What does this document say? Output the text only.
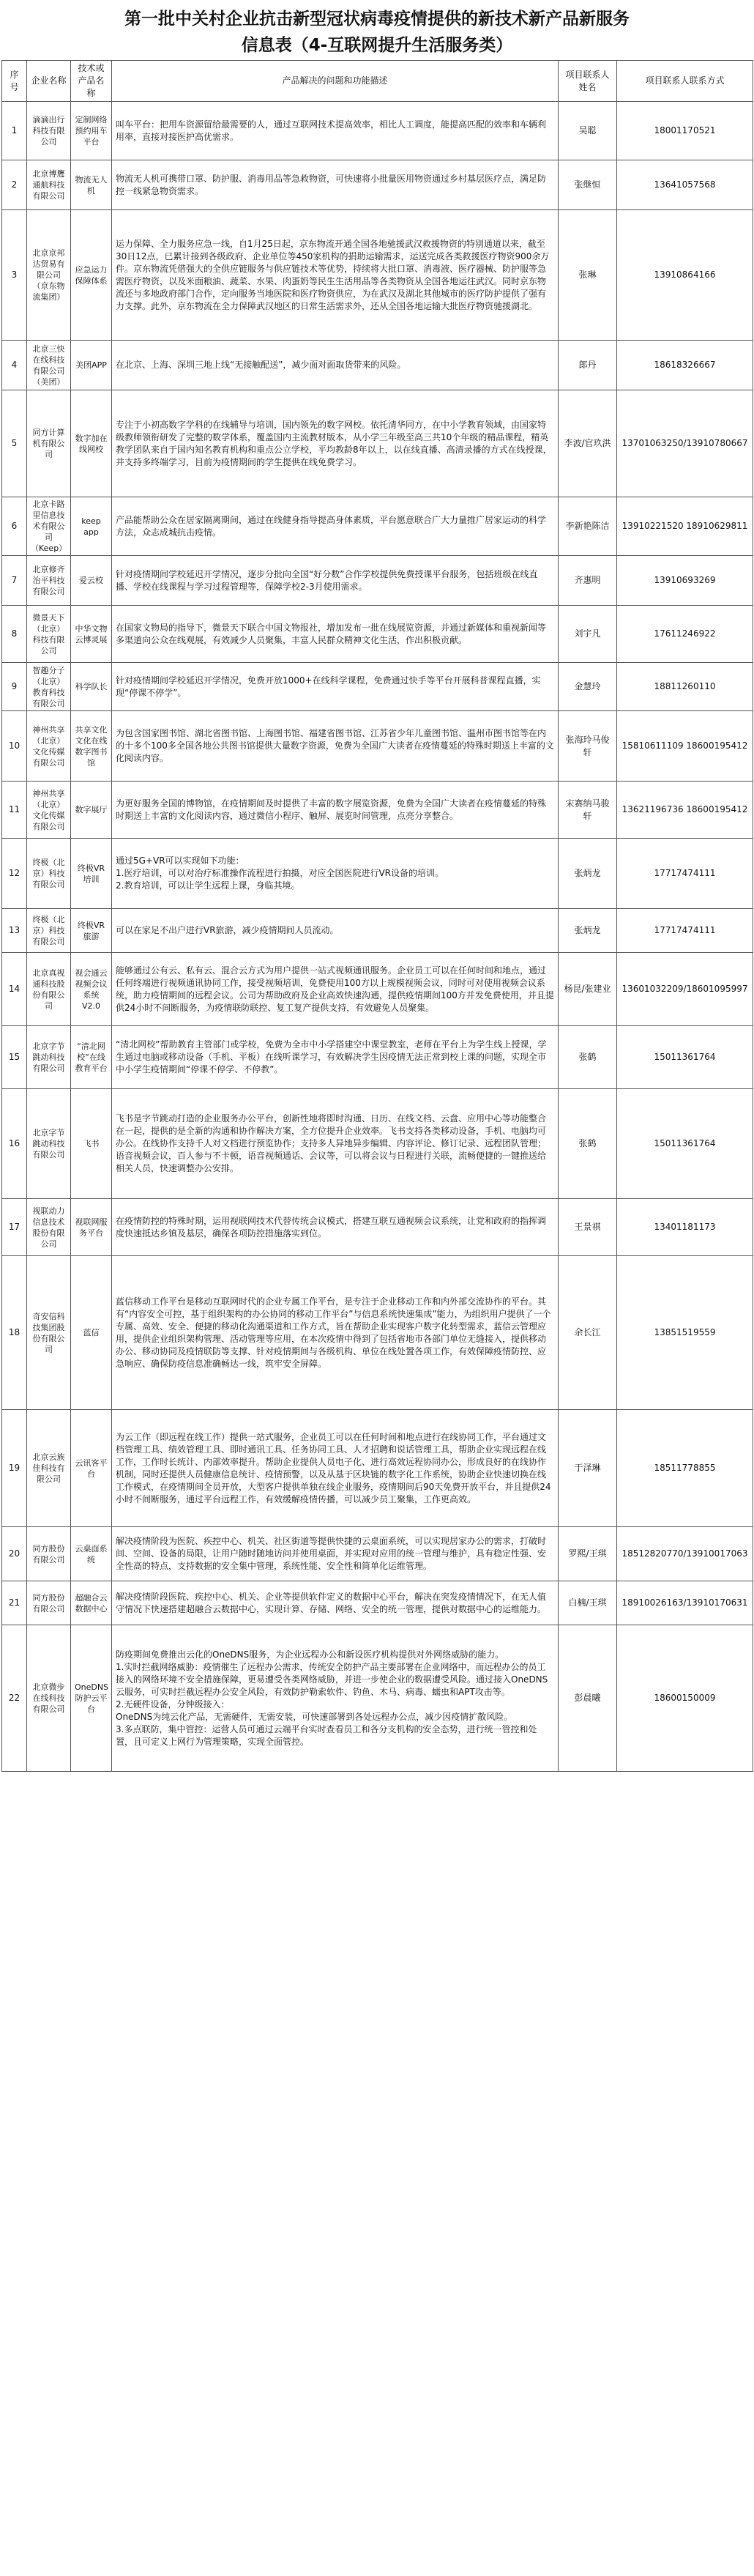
第一批中关村企业抗击新型冠状病毒疫情提供的新技术新产品新服务
信息表（4-互联网提升生活服务类）
序号	企业名称	技术或产品名称	产品解决的问题和功能描述	项目联系人姓名	项目联系人联系方式

1	滴滴出行科技有限公司	定制网络预约用车平台	叫车平台：把用车资源留给最需要的人，通过互联网技术提高效率，相比人工调度，能提高匹配的效率和车辆利用率，直接对接医护高优需求。	吴聪	18001170521

2	北京博鹰通航科技有限公司	物流无人机	物流无人机可携带口罩、防护服、消毒用品等急救物资，可快速将小批量医用物资通过乡村基层医疗点，满足防控一线紧急物资需求。	张继恒	13641057568

3	北京京邦达贸易有限公司（京东物流集团）	应急运力保障体系	运力保障、全力服务应急一线，自1月25日起，京东物流开通全国各地驰援武汉救援物资的特别通道以来，截至30日12点，已累计接到各级政府、企业单位等450家机构的捐助运输需求，运送完成各类救援医疗物资900余万件。京东物流凭借强大的全供应链服务与供应链技术等优势，持续将大批口罩、消毒液、医疗器械、防护服等急需医疗物资，以及米面粮油、蔬菜、水果、肉蛋奶等民生生活用品等各类物资从全国各地运往武汉。同时京东物流还与多地政府部门合作，定向服务当地医院和医疗物资供应，为在武汉及湖北其他城市的医疗防护提供了强有力支撑。此外，京东物流在全力保障武汉地区的日常生活需求外，还从全国各地运输大批医疗物资驰援湖北。	张琳	13910864166

4	北京三快在线科技有限公司（美团）	美团APP	在北京、上海、深圳三地上线“无接触配送”，减少面对面取货带来的风险。	郎丹	18618326667

5	同方计算机有限公司	数字加在线网校	专注于小初高数字学科的在线辅导与培训，国内领先的数字网校。依托清华同方，在中小学教育领域，由国家特级教师领衔研发了完整的数学体系，覆盖国内主流教材版本，从小学三年级至高三共10个年级的精品课程，精英教学团队来自于国内知名教育机构和重点公立学校，平均教龄8年以上，以在线直播、高清录播的方式在线授课，并支持多终端学习，目前为疫情期间的学生提供在线免费学习。	李波/官玖洪	13701063250/13910780667

6	北京卡路里信息技术有限公司（Keep）	keep app	产品能帮助公众在居家隔离期间，通过在线健身指导提高身体素质，平台愿意联合广大力量推广居家运动的科学方法，众志成城抗击疫情。	李新艳陈洁	13910221520 18910629811

7	北京修齐治平科技有限公司	爱云校	针对疫情期间学校延迟开学情况，逐步分批向全国“好分数”合作学校提供免费授课平台服务，包括班级在线直播、学校在线课程与学习过程管理等，保障学校2-3月使用需求。	齐惠明	13910693269

8	微景天下（北京）科技有限公司	中华文物云博灵展	在国家文物局的指导下，微景天下联合中国文物报社，增加发布一批在线展览资源，并通过新媒体和重视新闻等多渠道向公众在线观展，有效减少人员聚集，丰富人民群众精神文化生活，作出积极贡献。	刘宇凡	17611246922

9	智趣分子（北京）教育科技有限公司	科学队长	针对疫情期间学校延迟开学情况，免费开放1000+在线科学课程，免费通过快手等平台开展科普课程直播，实现“停课不停学”。	金慧玲	18811260110

10	神州共享（北京）文化传媒有限公司	共享文化文化在线数字图书馆	为包含国家图书馆、湖北省图书馆、上海图书馆、福建省图书馆、江苏省少年儿童图书馆、温州市图书馆等在内的十多个100多全国各地公共图书馆提供大量数字资源，免费为全国广大读者在疫情蔓延的特殊时期送上丰富的文化阅读内容。	张海玲马俊轩	15810611109 18600195412

11	神州共享（北京）文化传媒有限公司	数字展厅	为更好服务全国的博物馆，在疫情期间及时提供了丰富的数字展览资源，免费为全国广大读者在疫情蔓延的特殊时期送上丰富的文化阅读内容，通过微信小程序、触屏、展览时间管理，点亮分享整合。	宋赛纳马骏轩	13621196736 18600195412

12	终极（北京）科技有限公司	终极VR培训	通过5G+VR可以实现如下功能：
1.医疗培训，可以对治疗标准操作流程进行拍摄，对应全国医院进行VR设备的培训。
2.教育培训，可以让学生远程上课，身临其境。	张炳龙	17717474111

13	终极（北京）科技有限公司	终极VR旅游	可以在家足不出户进行VR旅游，减少疫情期间人员流动。	张炳龙	17717474111

14	北京真视通科技股份有限公司	视会通云视频会议系统V2.0	能够通过公有云、私有云、混合云方式为用户提供一站式视频通讯服务。企业员工可以在任何时间和地点，通过任何终端进行视频通讯协同工作，接受视频培训，免费使用100方以上规模视频会议，同时可对使用视频会议系统，助力疫情期间的远程会议。公司为帮助政府及企业高效快速沟通，提供疫情期间100方并发免费使用，并且提供24小时不间断服务，为疫情联防联控、复工复产提供支持，有效避免人员聚集。	杨昆/张建业	13601032209/18601095997

15	北京字节跳动科技有限公司	“清北网校”在线教育平台	“清北网校”帮助教育主管部门或学校，免费为全市中小学搭建空中课堂教室，老师在平台上为学生线上授课，学生通过电脑或移动设备（手机、平板）在线听课学习，有效解决学生因疫情无法正常到校上课的问题，实现全市中小学生疫情期间“停课不停学、不停教”。	张鹤	15011361764

16	北京字节跳动科技有限公司	飞书	飞书是字节跳动打造的企业服务办公平台，创新性地将即时沟通、日历、在线文档、云盘、应用中心等功能整合在一起，提供的是全新的沟通和协作解决方案，全方位提升企业效率。飞书支持各类移动设备，手机、电脑均可办公。在线协作支持千人对文档进行预览协作；支持多人异地异步编辑、内容评论、修订记录、远程团队管理；语音视频会议，百人参与不卡顿，语音视频通话、会议等，可以将会议与日程进行关联，流畅便捷的一键推送给相关人员，快速调整办公安排。	张鹤	15011361764

17	视联动力信息技术股份有限公司	视联网服务平台	在疫情防控的特殊时期，运用视联网技术代替传统会议模式，搭建互联互通视频会议系统，让党和政府的指挥调度快速抵达乡镇及基层，确保各项防控措施落实到位。	王景祺	13401181173

18	奇安信科技集团股份有限公司	蓝信	蓝信移动工作平台是移动互联网时代的企业专属工作平台，是专注于企业移动工作和内外部交流协作的平台。其有“内容安全可控，基于组织架构的办公协同的移动工作平台”与信息系统快速集成”能力，为组织用户提供了一个专属、高效、安全、便捷的移动化沟通渠道和工作方式，旨在帮助企业实现客户数字化转型需求，蓝信云管理应用，提供企业组织架构管理、活动管理等应用，在本次疫情中得到了包括省地市各部门单位无缝接入，提供移动办公、移动协同及疫情联防等支撑、针对疫情期间与各级机构、单位在线处置各项工作，有效保障疫情防控、应急响应、确保防疫信息准确畅达一线，筑牢安全屏障。	余长江	13851519559

19	北京云族佳科技有限公司	云讯客平台	为云工作（即远程在线工作）提供一站式服务，企业员工可以在任何时间和地点进行在线协同工作，平台通过文档管理工具、绩效管理工具、即时通讯工具、任务协同工具、人才招聘和说话管理工具，帮助企业实现远程在线工作，工作时长统计、内部效率提升。帮助企业提供人员电子化、进行高效远程协同办公，形成良好的在线协作机制，同时还提供人员健康信息统计、疫情预警，以及从基于区块链的数字化工作系统，协助企业快速切换在线工作模式，在疫情期间全员开放，大型客户提供单独在线企业服务，疫情期间后90天免费开放平台，并且提供24小时不间断服务，通过平台远程工作，有效缓解疫情传播，可以减少员工聚集，工作更高效。	于泽琳	18511778855

20	同方股份有限公司	云桌面系统	解决疫情阶段为医院、疾控中心、机关、社区街道等提供快捷的云桌面系统，可以实现居家办公的需求，打破时间、空间、设备的局限，让用户随时随地访问并使用桌面，并实现对应用的统一管理与维护，具有稳定性强、安全性高的特点，支持数据的安全集中管理，系统性能、安全性和简单化运维管理。	罗熙/王琪	18512820770/13910017063

21	同方股份有限公司	超融合云数据中心	解决疫情阶段医院、疾控中心、机关、企业等提供软件定义的数据中心平台，解决在突发疫情情况下，在无人值守情况下快速搭建超融合云数据中心，实现计算、存储、网络、安全的统一管理，提供对数据中心的运维能力。	白楠/王琪	18910026163/13910170631

22	北京微步在线科技有限公司	OneDNS防护云平台	防疫期间免费推出云化的OneDNS服务，为企业远程办公和新设医疗机构提供对外网络威胁的能力。
1.实时拦截网络威胁：疫情催生了远程办公需求，传统安全防护产品主要部署在企业网络中，而远程办公的员工接入的网络环境不安全措施保障，更易遭受各类网络威胁，并进一步使企业的数据遭受风险。通过接入OneDNS云服务，可实时拦截远程办公安全风险，有效防护勒索软件、钓鱼、木马、病毒、蠕虫和APT攻击等。
2.无硬件设备，分钟级接入：
OneDNS为纯云化产品，无需硬件，无需安装，可快速部署到各处远程办公点，减少因疫情扩散风险。
3.多点联防，集中管控：运营人员可通过云端平台实时查看员工和各分支机构的安全态势，进行统一管控和处置，且可定义上网行为管理策略，实现全面管控。	彭晨曦	18600150009
